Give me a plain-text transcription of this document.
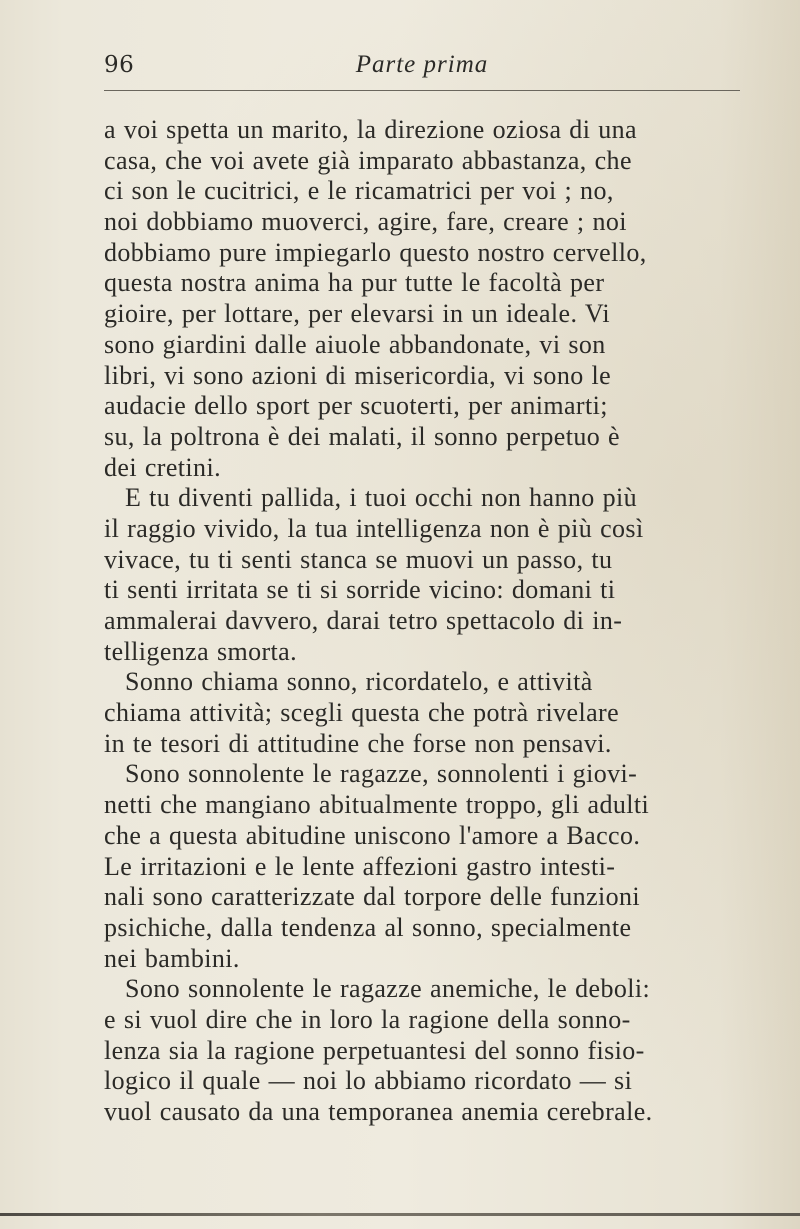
96	Parte prima
a voi spetta un marito, la direzione oziosa di una
casa, che voi avete già imparato abbastanza, che
ci son le cucitrici, e le ricamatrici per voi ; no,
noi dobbiamo muoverci, agire, fare, creare ; noi
dobbiamo pure impiegarlo questo nostro cervello,
questa nostra anima ha pur tutte le facoltà per
gioire, per lottare, per elevarsi in un ideale. Vi
sono giardini dalle aiuole abbandonate, vi son
libri, vi sono azioni di misericordia, vi sono le
audacie dello sport per scuoterti, per animarti;
su, la poltrona è dei malati, il sonno perpetuo è
dei cretini.
E tu diventi pallida, i tuoi occhi non hanno più
il raggio vivido, la tua intelligenza non è più così
vivace, tu ti senti stanca se muovi un passo, tu
ti senti irritata se ti si sorride vicino: domani ti
ammalerai davvero, darai tetro spettacolo di in-
telligenza smorta.
Sonno chiama sonno, ricordatelo, e attività
chiama attività; scegli questa che potrà rivelare
in te tesori di attitudine che forse non pensavi.
Sono sonnolente le ragazze, sonnolenti i giovi-
netti che mangiano abitualmente troppo, gli adulti
che a questa abitudine uniscono l'amore a Bacco.
Le irritazioni e le lente affezioni gastro intesti-
nali sono caratterizzate dal torpore delle funzioni
psichiche, dalla tendenza al sonno, specialmente
nei bambini.
Sono sonnolente le ragazze anemiche, le deboli:
e si vuol dire che in loro la ragione della sonno-
lenza sia la ragione perpetuantesi del sonno fisio-
logico il quale — noi lo abbiamo ricordato — si
vuol causato da una temporanea anemia cerebrale.
